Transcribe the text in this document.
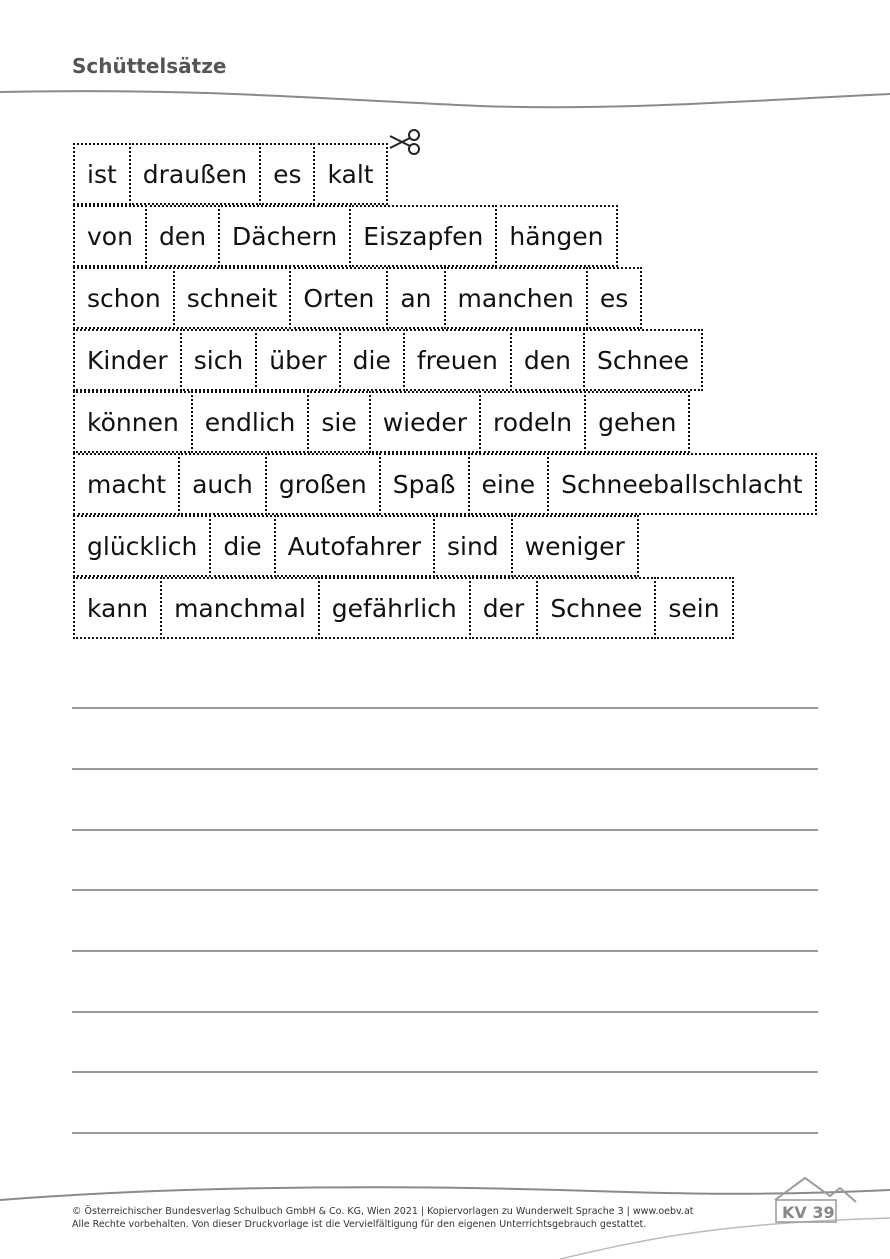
Schüttelsätze
ist	draußen	es	kalt
von	den	Dächern	Eiszapfen	hängen
schon	schneit	Orten	an	manchen	es
Kinder	sich	über	die	freuen	den	Schnee
können	endlich	sie	wieder	rodeln	gehen
macht	auch	großen	Spaß	eine	Schneeballschlacht
glücklich	die	Autofahrer	sind	weniger
kann	manchmal	gefährlich	der	Schnee	sein
KV 39
© Österreichischer Bundesverlag Schulbuch GmbH & Co. KG, Wien 2021 | Kopiervorlagen zu Wunderwelt Sprache 3 | www.oebv.at
Alle Rechte vorbehalten. Von dieser Druckvorlage ist die Vervielfältigung für den eigenen Unterrichtsgebrauch gestattet.
